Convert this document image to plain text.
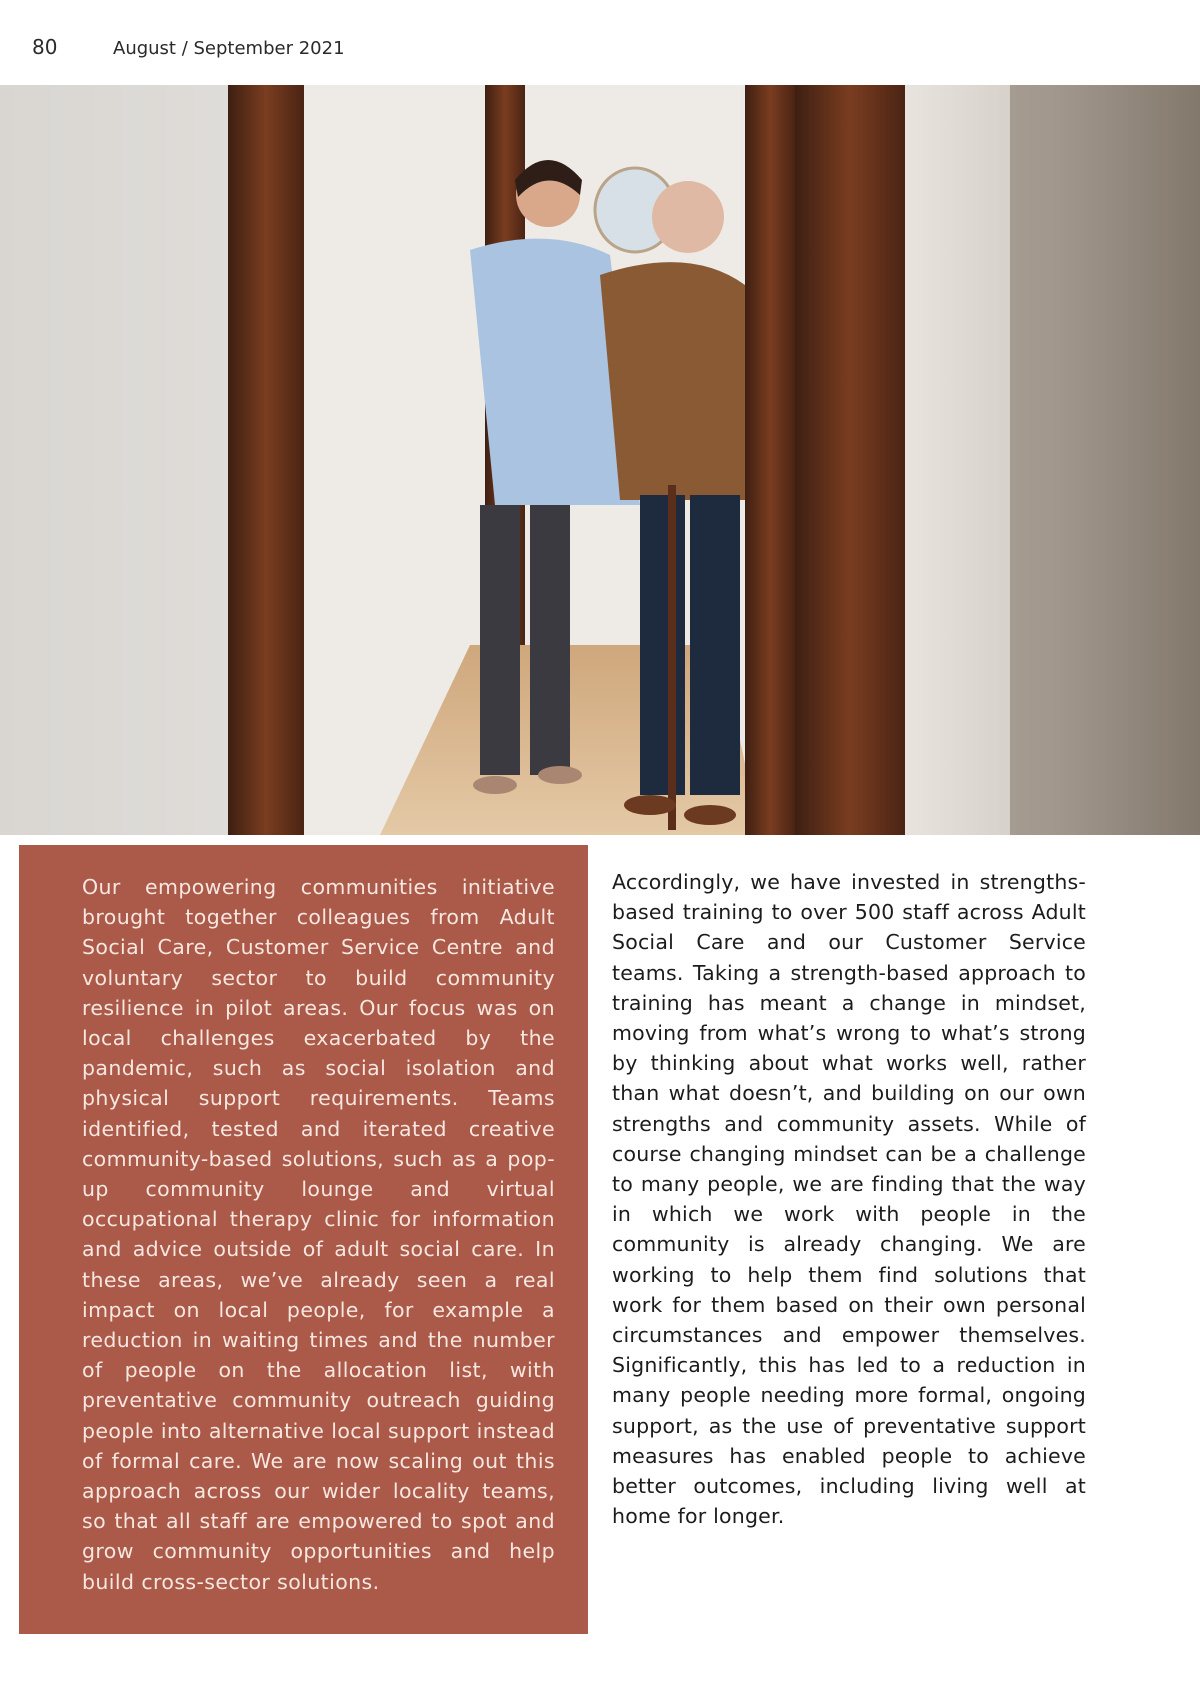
80	August / September 2021

Our empowering communities initiative brought together colleagues from Adult Social Care, Customer Service Centre and voluntary sector to build community resilience in pilot areas. Our focus was on local challenges exacerbated by the pandemic, such as social isolation and physical support requirements. Teams identified, tested and iterated creative community-based solutions, such as a pop-up community lounge and virtual occupational therapy clinic for information and advice outside of adult social care. In these areas, we’ve already seen a real impact on local people, for example a reduction in waiting times and the number of people on the allocation list, with preventative community outreach guiding people into alternative local support instead of formal care. We are now scaling out this approach across our wider locality teams, so that all staff are empowered to spot and grow community opportunities and help build cross-sector solutions.

Accordingly, we have invested in strengths-based training to over 500 staff across Adult Social Care and our Customer Service teams. Taking a strength-based approach to training has meant a change in mindset, moving from what’s wrong to what’s strong by thinking about what works well, rather than what doesn’t, and building on our own strengths and community assets. While of course changing mindset can be a challenge to many people, we are finding that the way in which we work with people in the community is already changing. We are working to help them find solutions that work for them based on their own personal circumstances and empower themselves. Significantly, this has led to a reduction in many people needing more formal, ongoing support, as the use of preventative support measures has enabled people to achieve better outcomes, including living well at home for longer.
